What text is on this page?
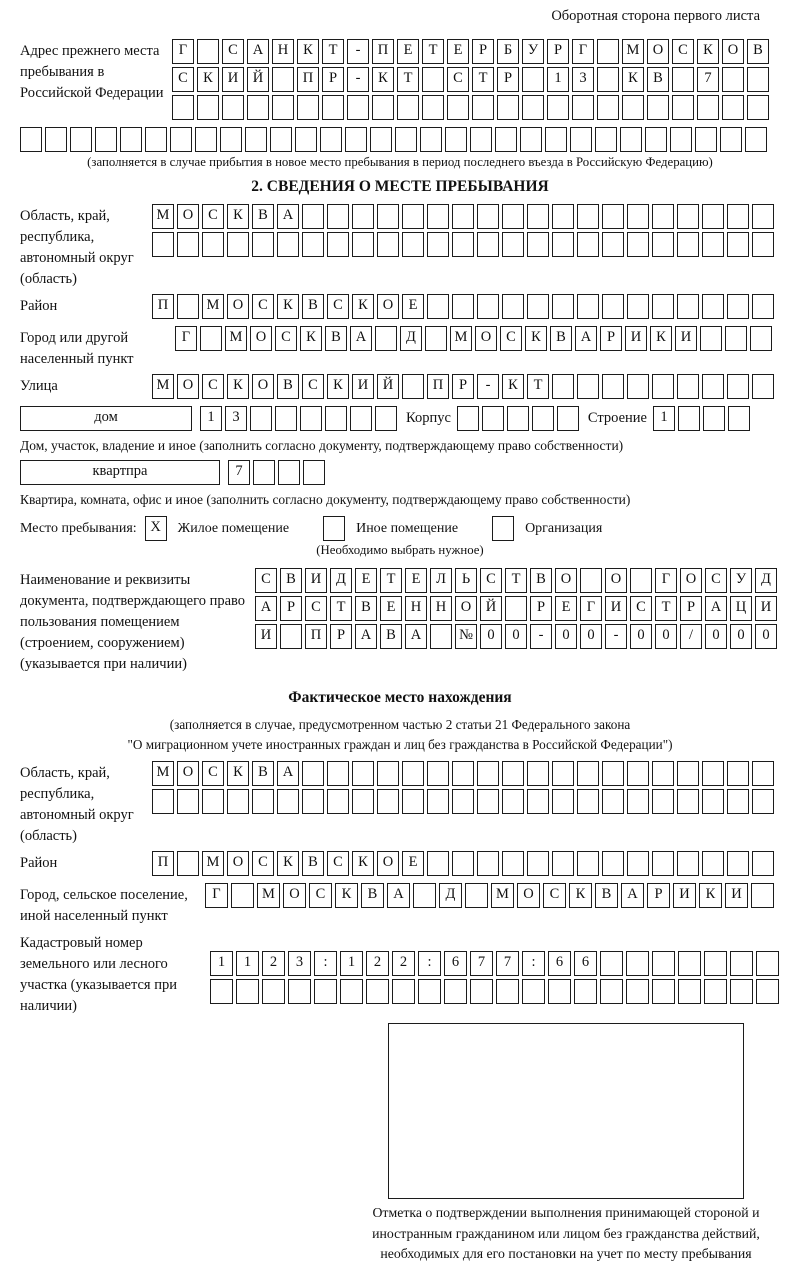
Оборотная сторона первого листа
Адрес прежнего места пребывания в Российской Федерации
Г	С А Н К Т - П Е Т Е Р Б У Р Г	М О С К О В
С К И Й	П Р - К Т	С Т Р	1 3	К В	7
(заполняется в случае прибытия в новое место пребывания в период последнего въезда в Российскую Федерацию)
2. СВЕДЕНИЯ О МЕСТЕ ПРЕБЫВАНИЯ
Область, край, республика, автономный округ (область)
М О С К В А
Район	П	М О С К В С К О Е
Город или другой населенный пункт
Г	М О С К В А	Д	М О С К В А Р И К И
Улица	М О С К О В С К И Й	П Р - К Т
дом	1 3	Корпус	Строение 1
Дом, участок, владение и иное (заполнить согласно документу, подтверждающему право собственности)
квартпра	7
Квартира, комната, офис и иное (заполнить согласно документу, подтверждающему право собственности)
Место пребывания: X	Жилое помещение	Иное помещение	Организация
(Необходимо выбрать нужное)
Наименование и реквизиты документа, подтверждающего право пользования помещением (строением, сооружением) (указывается при наличии)
С В И Д Е Т Е Л Ь С Т В О	О	Г О С У Д
А Р С Т В Е Н Н О Й	Р Е Г И С Т Р А Ц И
И	П Р А В А	№ 0 0 - 0 0 - 0 0 / 0 0 0
Фактическое место нахождения
(заполняется в случае, предусмотренном частью 2 статьи 21 Федерального закона
"О миграционном учете иностранных граждан и лиц без гражданства в Российской Федерации")
Область, край, республика, автономный округ (область)
М О С К В А
Район	П	М О С К В С К О Е
Город, сельское поселение, иной населенный пункт
Г	М О С К В А	Д	М О С К В А Р И К И
Кадастровый номер земельного или лесного участка (указывается при наличии)
1 1 2 3 : 1 2 2 : 6 7 7 : 6 6
Отметка о подтверждении выполнения принимающей стороной и иностранным гражданином или лицом без гражданства действий, необходимых для его постановки на учет по месту пребывания
